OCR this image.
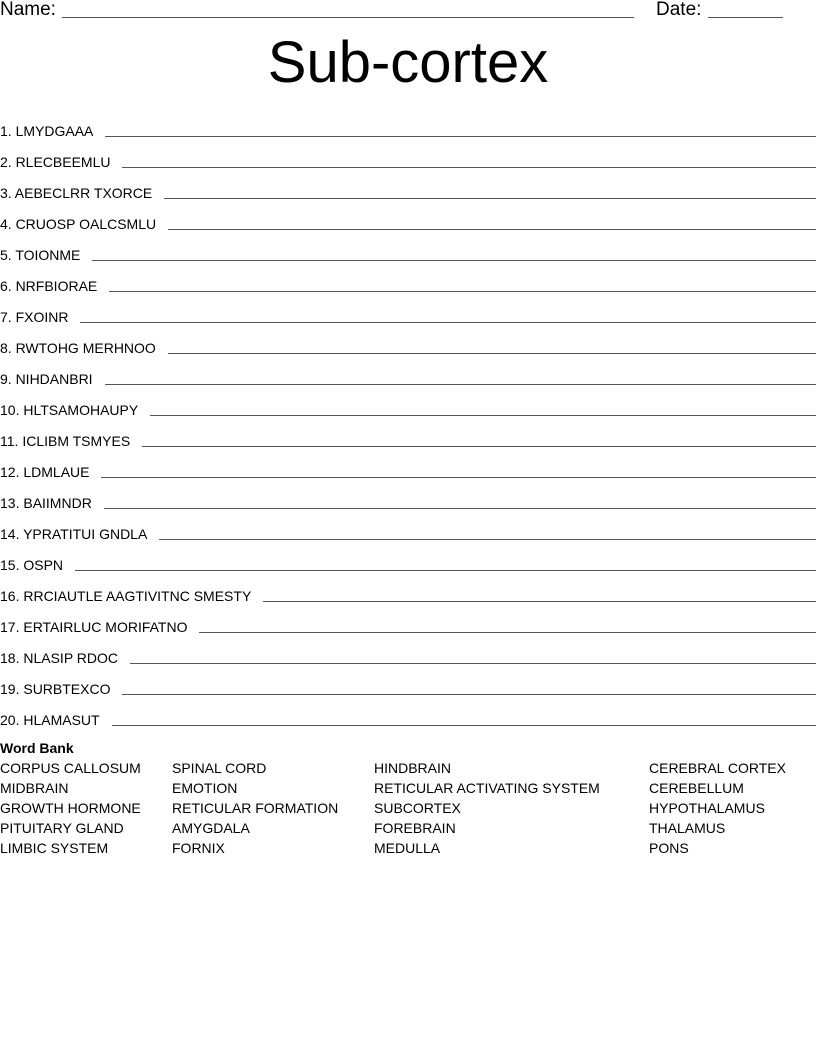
Name:	Date:
Sub-cortex
1. LMYDGAAA
2. RLECBEEMLU
3. AEBECLRR TXORCE
4. CRUOSP OALCSMLU
5. TOIONME
6. NRFBIORAE
7. FXOINR
8. RWTOHG MERHNOO
9. NIHDANBRI
10. HLTSAMOHAUPY
11. ICLIBM TSMYES
12. LDMLAUE
13. BAIIMNDR
14. YPRATITUI GNDLA
15. OSPN
16. RRCIAUTLE AAGTIVITNC SMESTY
17. ERTAIRLUC MORIFATNO
18. NLASIP RDOC
19. SURBTEXCO
20. HLAMASUT
Word Bank
CORPUS CALLOSUM
MIDBRAIN
GROWTH HORMONE
PITUITARY GLAND
LIMBIC SYSTEM
SPINAL CORD
EMOTION
RETICULAR FORMATION
AMYGDALA
FORNIX
HINDBRAIN
RETICULAR ACTIVATING SYSTEM
SUBCORTEX
FOREBRAIN
MEDULLA
CEREBRAL CORTEX
CEREBELLUM
HYPOTHALAMUS
THALAMUS
PONS
